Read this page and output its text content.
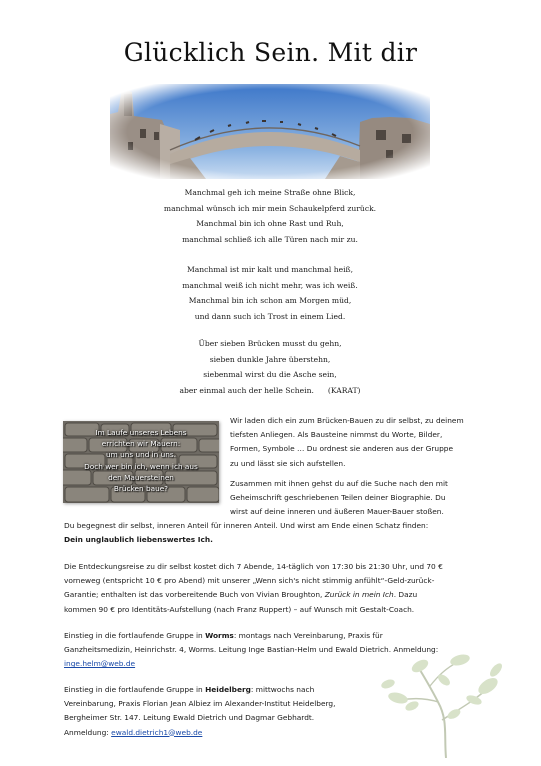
Glücklich Sein. Mit dir
Manchmal geh ich meine Straße ohne Blick,
manchmal wünsch ich mir mein Schaukelpferd zurück.
Manchmal bin ich ohne Rast und Ruh,
manchmal schließ ich alle Türen nach mir zu.
Manchmal ist mir kalt und manchmal heiß,
manchmal weiß ich nicht mehr, was ich weiß.
Manchmal bin ich schon am Morgen müd,
und dann such ich Trost in einem Lied.
Über sieben Brücken musst du gehn,
sieben dunkle Jahre überstehn,
siebenmal wirst du die Asche sein,
aber einmal auch der helle Schein. (KARAT)
Im Laufe unseres Lebens
errichten wir Mauern:
um uns und in uns.
Doch wer bin ich, wenn ich aus
den Mauersteinen
Brücken baue?
Wir laden dich ein zum Brücken-Bauen zu dir selbst, zu deinem
tiefsten Anliegen. Als Bausteine nimmst du Worte, Bilder,
Formen, Symbole … Du ordnest sie anderen aus der Gruppe
zu und lässt sie sich aufstellen.
Zusammen mit ihnen gehst du auf die Suche nach den mit
Geheimschrift geschriebenen Teilen deiner Biographie. Du
wirst auf deine inneren und äußeren Mauer-Bauer stoßen.
Du begegnest dir selbst, inneren Anteil für inneren Anteil. Und wirst am Ende einen Schatz finden:
Dein unglaublich liebenswertes Ich.
Die Entdeckungsreise zu dir selbst kostet dich 7 Abende, 14-täglich von 17:30 bis 21:30 Uhr, und 70 €
vorneweg (entspricht 10 € pro Abend) mit unserer „Wenn sich's nicht stimmig anfühlt“-Geld-zurück-
Garantie; enthalten ist das vorbereitende Buch von Vivian Broughton, Zurück in mein Ich. Dazu
kommen 90 € pro Identitäts-Aufstellung (nach Franz Ruppert) – auf Wunsch mit Gestalt-Coach.
Einstieg in die fortlaufende Gruppe in Worms: montags nach Vereinbarung, Praxis für
Ganzheitsmedizin, Heinrichstr. 4, Worms. Leitung Inge Bastian-Helm und Ewald Dietrich. Anmeldung:
inge.helm@web.de
Einstieg in die fortlaufende Gruppe in Heidelberg: mittwochs nach
Vereinbarung, Praxis Florian Jean Albiez im Alexander-Institut Heidelberg,
Bergheimer Str. 147. Leitung Ewald Dietrich und Dagmar Gebhardt.
Anmeldung: ewald.dietrich1@web.de
